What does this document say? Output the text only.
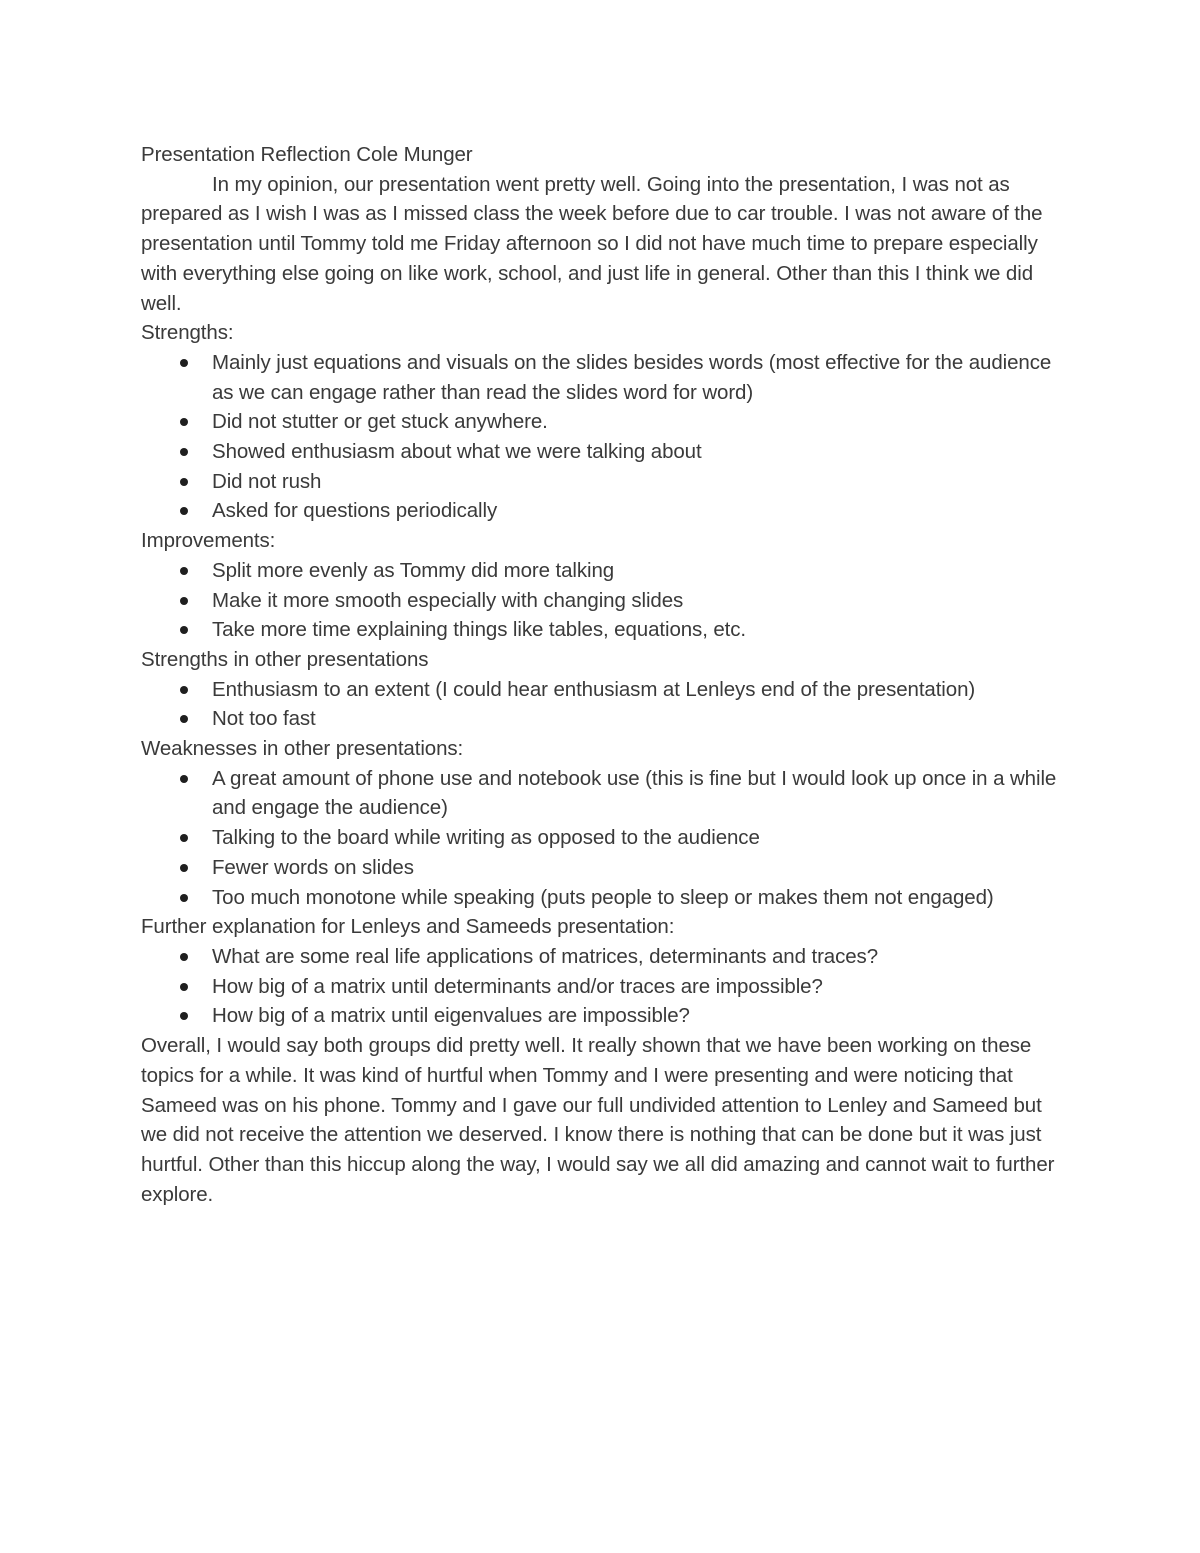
Presentation Reflection Cole Munger

In my opinion, our presentation went pretty well. Going into the presentation, I was not as prepared as I wish I was as I missed class the week before due to car trouble. I was not aware of the presentation until Tommy told me Friday afternoon so I did not have much time to prepare especially with everything else going on like work, school, and just life in general. Other than this I think we did well.

Strengths:

Mainly just equations and visuals on the slides besides words (most effective for the audience as we can engage rather than read the slides word for word)
Did not stutter or get stuck anywhere.
Showed enthusiasm about what we were talking about
Did not rush
Asked for questions periodically

Improvements:

Split more evenly as Tommy did more talking
Make it more smooth especially with changing slides
Take more time explaining things like tables, equations, etc.

Strengths in other presentations

Enthusiasm to an extent (I could hear enthusiasm at Lenleys end of the presentation)
Not too fast

Weaknesses in other presentations:

A great amount of phone use and notebook use (this is fine but I would look up once in a while and engage the audience)
Talking to the board while writing as opposed to the audience
Fewer words on slides
Too much monotone while speaking (puts people to sleep or makes them not engaged)

Further explanation for Lenleys and Sameeds presentation:

What are some real life applications of matrices, determinants and traces?
How big of a matrix until determinants and/or traces are impossible?
How big of a matrix until eigenvalues are impossible?

Overall, I would say both groups did pretty well. It really shown that we have been working on these topics for a while. It was kind of hurtful when Tommy and I were presenting and were noticing that Sameed was on his phone. Tommy and I gave our full undivided attention to Lenley and Sameed but we did not receive the attention we deserved. I know there is nothing that can be done but it was just hurtful. Other than this hiccup along the way, I would say we all did amazing and cannot wait to further explore.
